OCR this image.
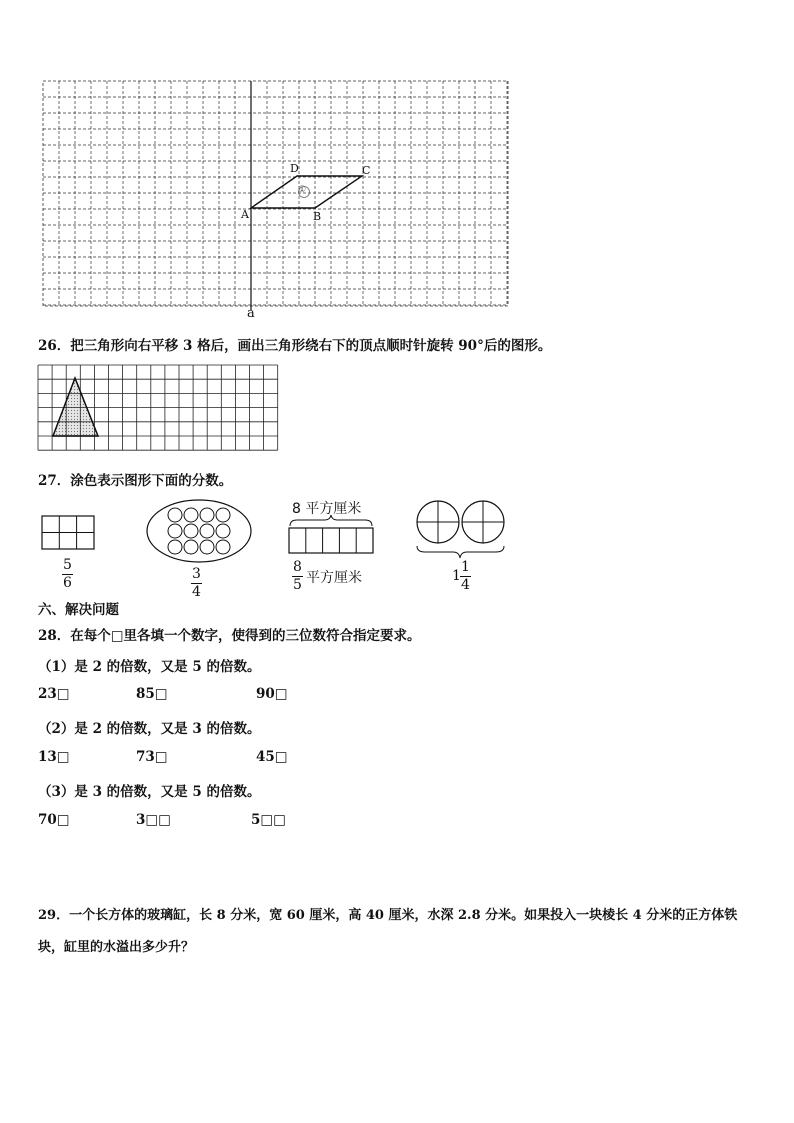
①
A	B
C
D
a
26．把三角形向右平移 3 格后，画出三角形绕右下的顶点顺时针旋转 90°后的图形。
27．涂色表示图形下面的分数。
5
6
3
4
8 平方厘米
8
5 平方厘米	1
1
4
六、解决问题
28．在每个□里各填一个数字，使得到的三位数符合指定要求。
（1）是 2 的倍数，又是 5 的倍数。
23□	85□	90□
（2）是 2 的倍数，又是 3 的倍数。
13□	73□	45□
（3）是 3 的倍数，又是 5 的倍数。
70□	3□□	5□□
29．一个长方体的玻璃缸，长 8 分米，宽 60 厘米，高 40 厘米，水深 2.8 分米。如果投入一块棱长 4 分米的正方体铁
块，缸里的水溢出多少升？
